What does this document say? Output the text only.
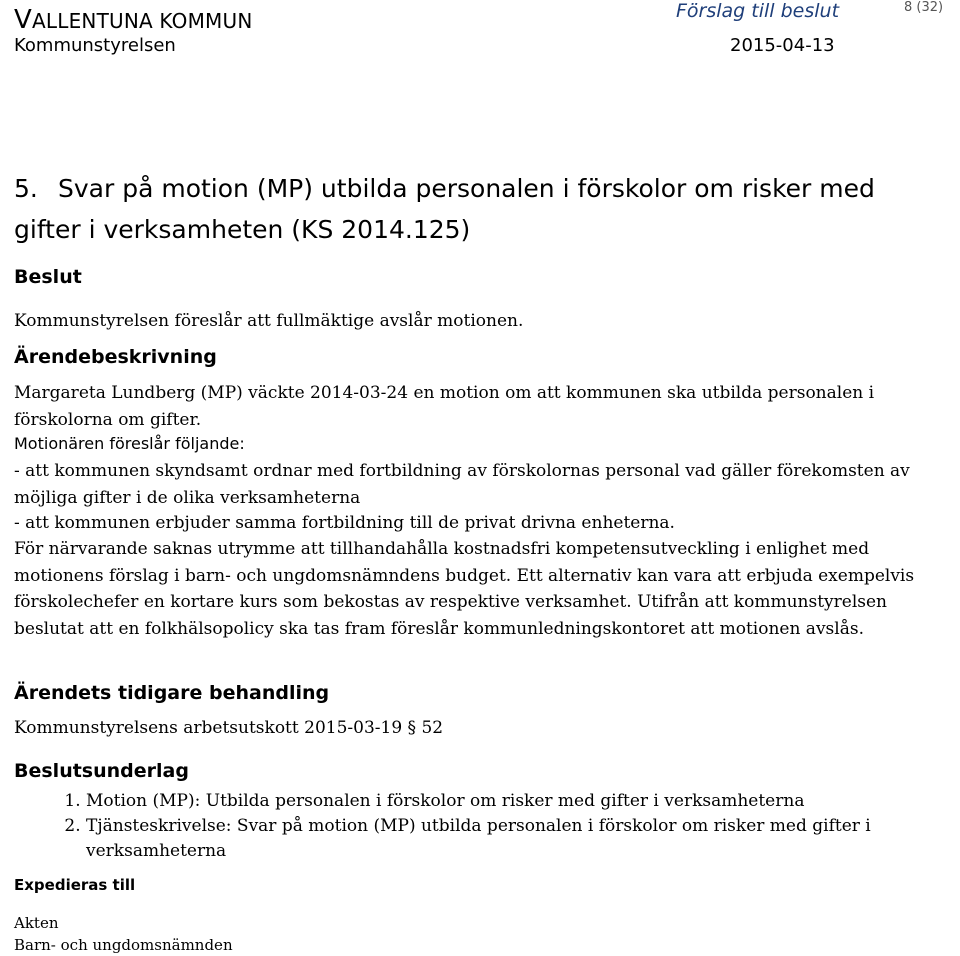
VALLENTUNA KOMMUN
Kommunstyrelsen
Förslag till beslut	8 (32)
2015-04-13
5. Svar på motion (MP) utbilda personalen i förskolor om risker med gifter i verksamheten (KS 2014.125)
Beslut

Kommunstyrelsen föreslår att fullmäktige avslår motionen.

Ärendebeskrivning

Margareta Lundberg (MP) väckte 2014-03-24 en motion om att kommunen ska utbilda personalen i förskolorna om gifter.

Motionären föreslår följande:

- att kommunen skyndsamt ordnar med fortbildning av förskolornas personal vad gäller förekomsten av möjliga gifter i de olika verksamheterna

- att kommunen erbjuder samma fortbildning till de privat drivna enheterna.

För närvarande saknas utrymme att tillhandahålla kostnadsfri kompetensutveckling i enlighet med motionens förslag i barn- och ungdomsnämndens budget. Ett alternativ kan vara att erbjuda exempelvis förskolechefer en kortare kurs som bekostas av respektive verksamhet. Utifrån att kommunstyrelsen beslutat att en folkhälsopolicy ska tas fram föreslår kommunledningskontoret att motionen avslås.

Ärendets tidigare behandling

Kommunstyrelsens arbetsutskott 2015-03-19 § 52

Beslutsunderlag
1. Motion (MP): Utbilda personalen i förskolor om risker med gifter i verksamheterna
2. Tjänsteskrivelse: Svar på motion (MP) utbilda personalen i förskolor om risker med gifter i verksamheterna
Expedieras till
Akten
Barn- och ungdomsnämnden
